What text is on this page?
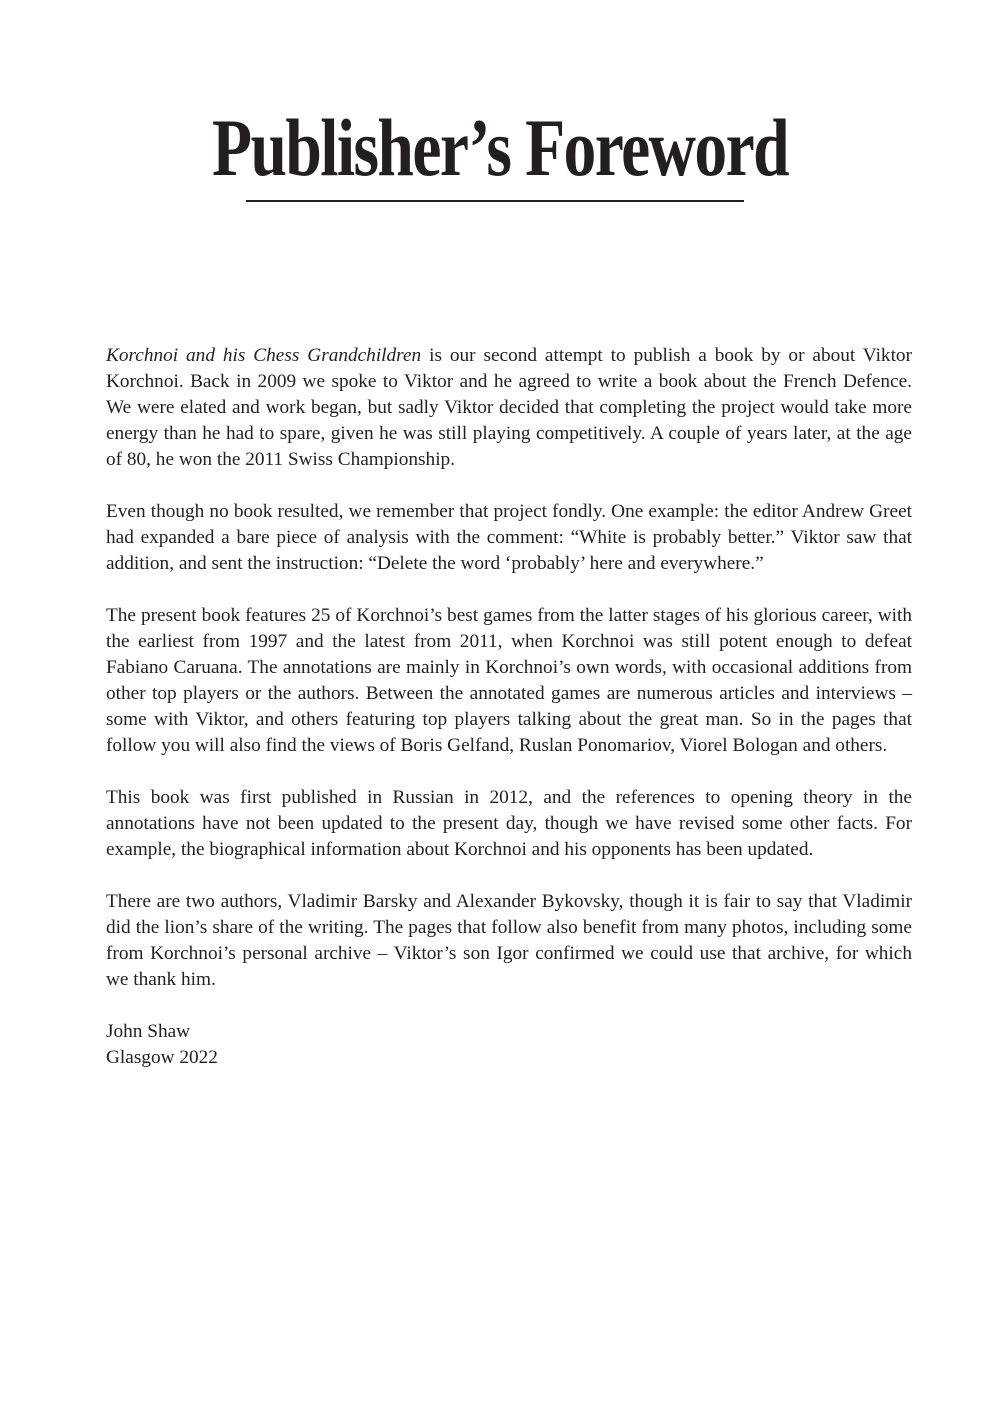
Publisher’s Foreword

Korchnoi and his Chess Grandchildren is our second attempt to publish a book by or about Viktor Korchnoi. Back in 2009 we spoke to Viktor and he agreed to write a book about the French Defence. We were elated and work began, but sadly Viktor decided that completing the project would take more energy than he had to spare, given he was still playing competitively. A couple of years later, at the age of 80, he won the 2011 Swiss Championship.

Even though no book resulted, we remember that project fondly. One example: the editor Andrew Greet had expanded a bare piece of analysis with the comment: “White is probably better.” Viktor saw that addition, and sent the instruction: “Delete the word ‘probably’ here and everywhere.”

The present book features 25 of Korchnoi’s best games from the latter stages of his glorious career, with the earliest from 1997 and the latest from 2011, when Korchnoi was still potent enough to defeat Fabiano Caruana. The annotations are mainly in Korchnoi’s own words, with occasional additions from other top players or the authors. Between the annotated games are numerous articles and interviews – some with Viktor, and others featuring top players talking about the great man. So in the pages that follow you will also find the views of Boris Gelfand, Ruslan Ponomariov, Viorel Bologan and others.

This book was first published in Russian in 2012, and the references to opening theory in the annotations have not been updated to the present day, though we have revised some other facts. For example, the biographical information about Korchnoi and his opponents has been updated.

There are two authors, Vladimir Barsky and Alexander Bykovsky, though it is fair to say that Vladimir did the lion’s share of the writing. The pages that follow also benefit from many photos, including some from Korchnoi’s personal archive – Viktor’s son Igor confirmed we could use that archive, for which we thank him.

John Shaw
Glasgow 2022
